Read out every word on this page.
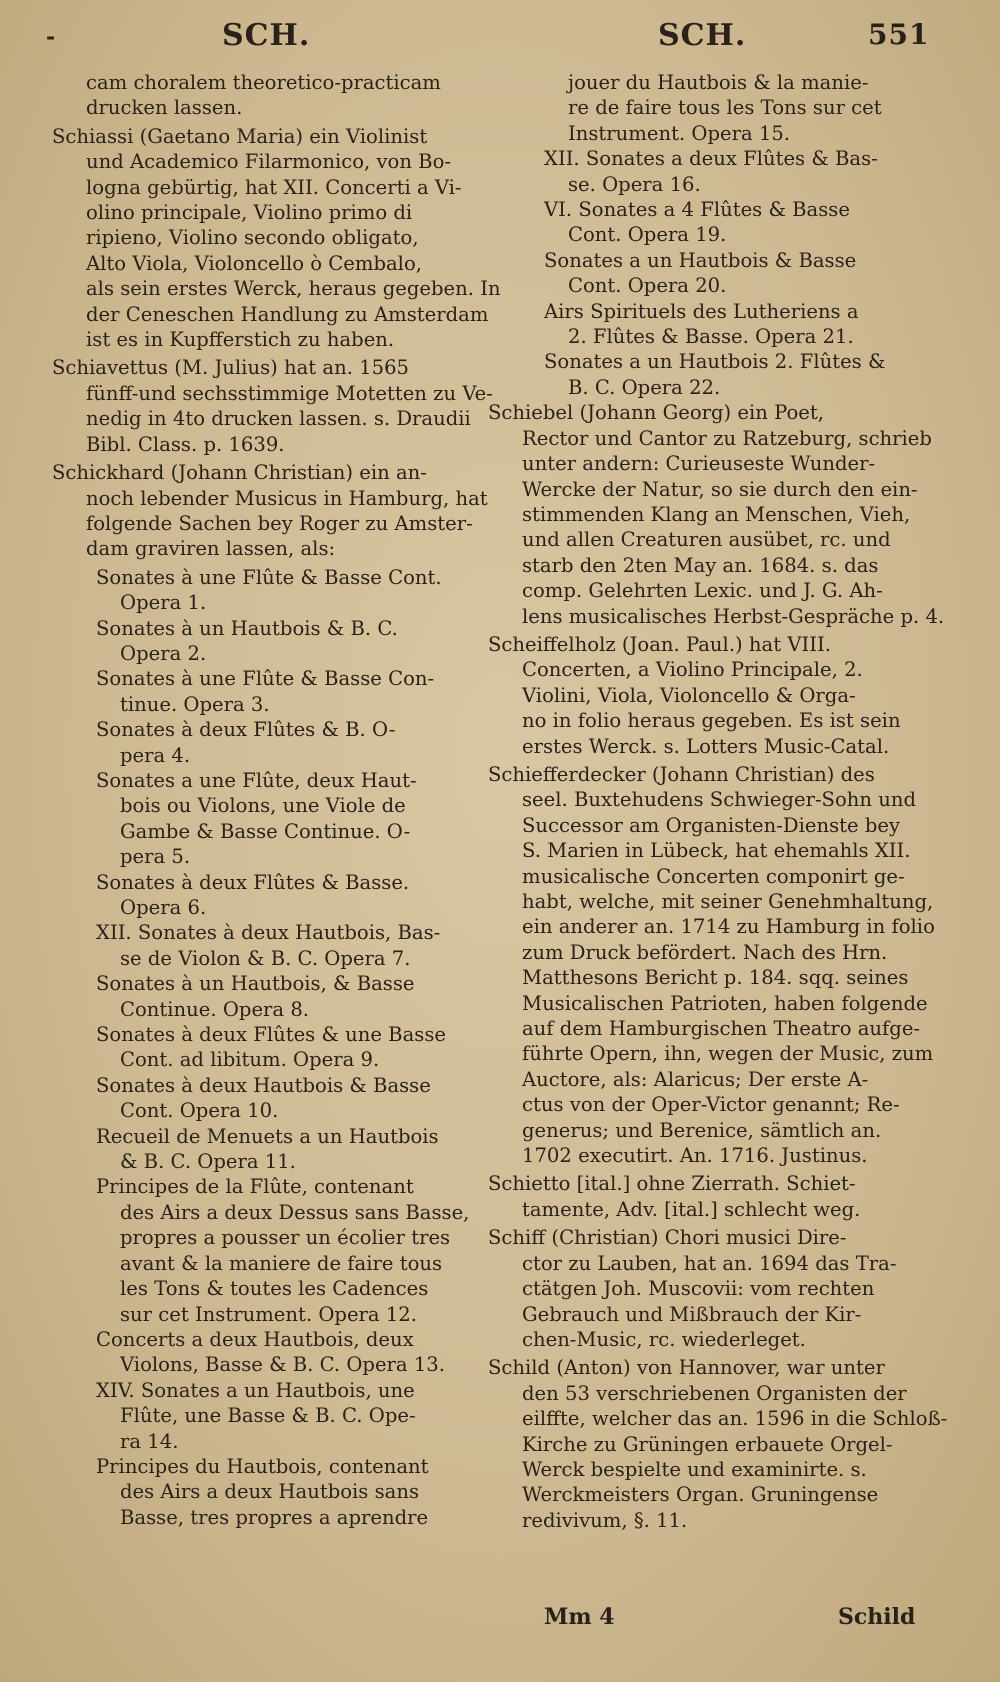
-	SCH.	SCH.	551
cam choralem theoretico-practicam
drucken lassen.
Schiassi (Gaetano Maria) ein Violinist
und Academico Filarmonico, von Bo-
logna gebürtig, hat XII. Concerti a Vi-
olino principale, Violino primo di
ripieno, Violino secondo obligato,
Alto Viola, Violoncello ò Cembalo,
als sein erstes Werck, heraus gegeben. In
der Ceneschen Handlung zu Amsterdam
ist es in Kupfferstich zu haben.
Schiavettus (M. Julius) hat an. 1565
fünff-und sechsstimmige Motetten zu Ve-
nedig in 4to drucken lassen. s. Draudii
Bibl. Class. p. 1639.
Schickhard (Johann Christian) ein an-
noch lebender Musicus in Hamburg, hat
folgende Sachen bey Roger zu Amster-
dam graviren lassen, als:
Sonates à une Flûte & Basse Cont.
Opera 1.
Sonates à un Hautbois & B. C.
Opera 2.
Sonates à une Flûte & Basse Con-
tinue. Opera 3.
Sonates à deux Flûtes & B. O-
pera 4.
Sonates a une Flûte, deux Haut-
bois ou Violons, une Viole de
Gambe & Basse Continue. O-
pera 5.
Sonates à deux Flûtes & Basse.
Opera 6.
XII. Sonates à deux Hautbois, Bas-
se de Violon & B. C. Opera 7.
Sonates à un Hautbois, & Basse
Continue. Opera 8.
Sonates à deux Flûtes & une Basse
Cont. ad libitum. Opera 9.
Sonates à deux Hautbois & Basse
Cont. Opera 10.
Recueil de Menuets a un Hautbois
& B. C. Opera 11.
Principes de la Flûte, contenant
des Airs a deux Dessus sans Basse,
propres a pousser un écolier tres
avant & la maniere de faire tous
les Tons & toutes les Cadences
sur cet Instrument. Opera 12.
Concerts a deux Hautbois, deux
Violons, Basse & B. C. Opera 13.
XIV. Sonates a un Hautbois, une
Flûte, une Basse & B. C. Ope-
ra 14.
Principes du Hautbois, contenant
des Airs a deux Hautbois sans
Basse, tres propres a aprendre
jouer du Hautbois & la manie-
re de faire tous les Tons sur cet
Instrument. Opera 15.
XII. Sonates a deux Flûtes & Bas-
se. Opera 16.
VI. Sonates a 4 Flûtes & Basse
Cont. Opera 19.
Sonates a un Hautbois & Basse
Cont. Opera 20.
Airs Spirituels des Lutheriens a
2. Flûtes & Basse. Opera 21.
Sonates a un Hautbois 2. Flûtes &
B. C. Opera 22.
Schiebel (Johann Georg) ein Poet,
Rector und Cantor zu Ratzeburg, schrieb
unter andern: Curieuseste Wunder-
Wercke der Natur, so sie durch den ein-
stimmenden Klang an Menschen, Vieh,
und allen Creaturen ausübet, rc. und
starb den 2ten May an. 1684. s. das
comp. Gelehrten Lexic. und J. G. Ah-
lens musicalisches Herbst-Gespräche p. 4.
Scheiffelholz (Joan. Paul.) hat VIII.
Concerten, a Violino Principale, 2.
Violini, Viola, Violoncello & Orga-
no in folio heraus gegeben. Es ist sein
erstes Werck. s. Lotters Music-Catal.
Schiefferdecker (Johann Christian) des
seel. Buxtehudens Schwieger-Sohn und
Successor am Organisten-Dienste bey
S. Marien in Lübeck, hat ehemahls XII.
musicalische Concerten componirt ge-
habt, welche, mit seiner Genehmhaltung,
ein anderer an. 1714 zu Hamburg in folio
zum Druck befördert. Nach des Hrn.
Matthesons Bericht p. 184. sqq. seines
Musicalischen Patrioten, haben folgende
auf dem Hamburgischen Theatro aufge-
führte Opern, ihn, wegen der Music, zum
Auctore, als: Alaricus; Der erste A-
ctus von der Oper-Victor genannt; Re-
generus; und Berenice, sämtlich an.
1702 executirt. An. 1716. Justinus.
Schietto [ital.] ohne Zierrath. Schiet-
tamente, Adv. [ital.] schlecht weg.
Schiff (Christian) Chori musici Dire-
ctor zu Lauben, hat an. 1694 das Tra-
ctätgen Joh. Muscovii: vom rechten
Gebrauch und Mißbrauch der Kir-
chen-Music, rc. wiederleget.
Schild (Anton) von Hannover, war unter
den 53 verschriebenen Organisten der
eilffte, welcher das an. 1596 in die Schloß-
Kirche zu Grüningen erbauete Orgel-
Werck bespielte und examinirte. s.
Werckmeisters Organ. Gruningense
redivivum, §. 11.
Mm 4	Schild
